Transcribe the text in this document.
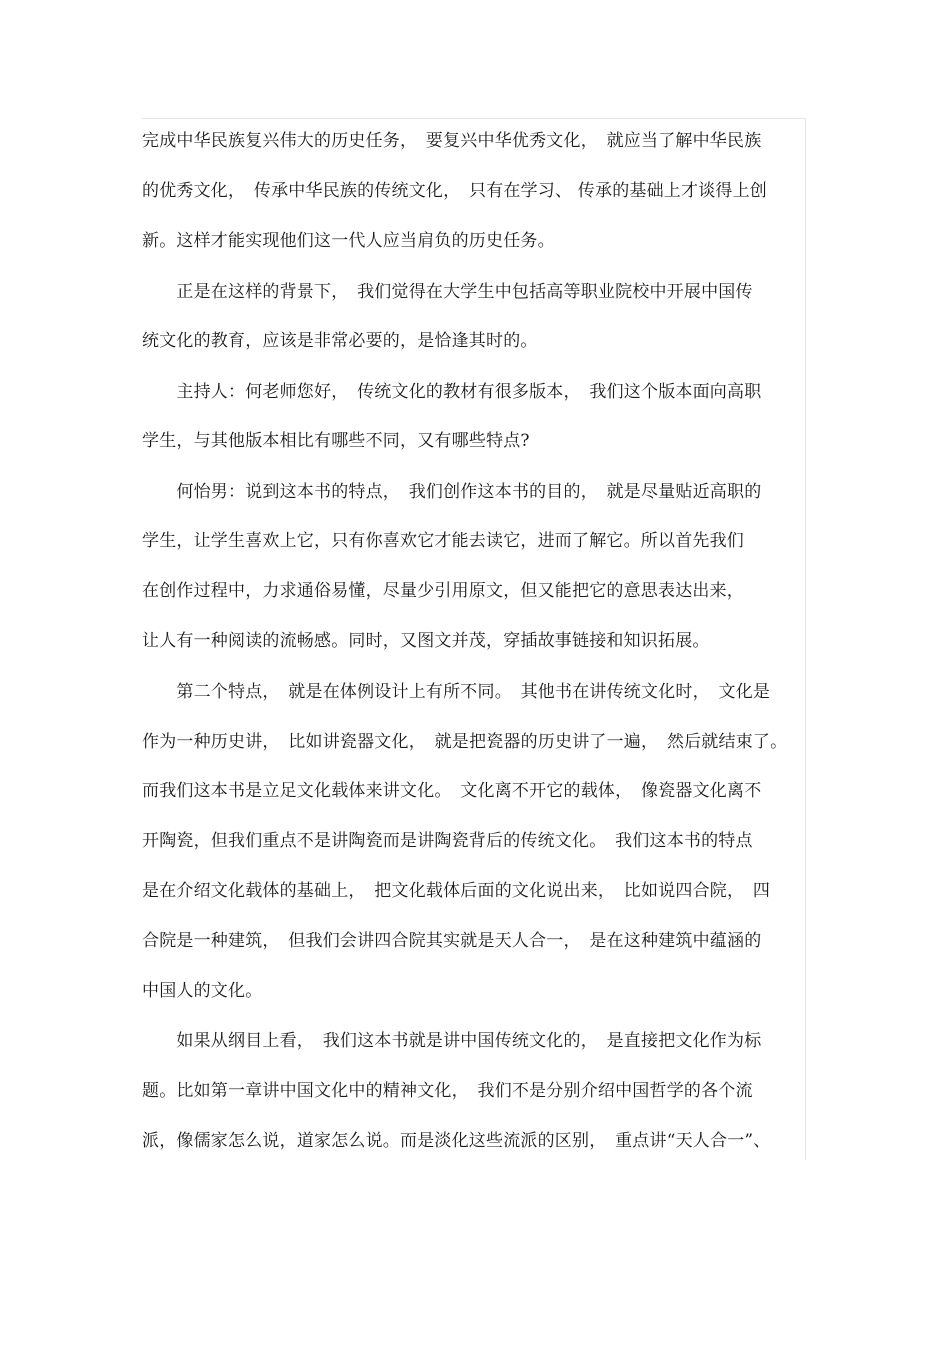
完成中华民族复兴伟大的历史任务，　要复兴中华优秀文化，　就应当了解中华民族
的优秀文化，　传承中华民族的传统文化，　只有在学习、 传承的基础上才谈得上创
新。这样才能实现他们这一代人应当肩负的历史任务。
　　正是在这样的背景下，　我们觉得在大学生中包括高等职业院校中开展中国传
统文化的教育，应该是非常必要的，是恰逢其时的。
　　主持人：何老师您好，　传统文化的教材有很多版本，　我们这个版本面向高职
学生，与其他版本相比有哪些不同，又有哪些特点?
　　何怡男：说到这本书的特点，　我们创作这本书的目的，　就是尽量贴近高职的
学生，让学生喜欢上它，只有你喜欢它才能去读它，进而了解它。所以首先我们
在创作过程中，力求通俗易懂，尽量少引用原文，但又能把它的意思表达出来，
让人有一种阅读的流畅感。同时，又图文并茂，穿插故事链接和知识拓展。
　　第二个特点，　就是在体例设计上有所不同。　其他书在讲传统文化时，　文化是
作为一种历史讲，　比如讲瓷器文化，　就是把瓷器的历史讲了一遍，　然后就结束了。
而我们这本书是立足文化载体来讲文化。　文化离不开它的载体，　像瓷器文化离不
开陶瓷，但我们重点不是讲陶瓷而是讲陶瓷背后的传统文化。　我们这本书的特点
是在介绍文化载体的基础上，　把文化载体后面的文化说出来，　比如说四合院，　四
合院是一种建筑，　但我们会讲四合院其实就是天人合一，　是在这种建筑中蕴涵的
中国人的文化。
　　如果从纲目上看，　我们这本书就是讲中国传统文化的，　是直接把文化作为标
题。比如第一章讲中国文化中的精神文化，　我们不是分别介绍中国哲学的各个流
派，像儒家怎么说，道家怎么说。而是淡化这些流派的区别，　重点讲“天人合一”、
